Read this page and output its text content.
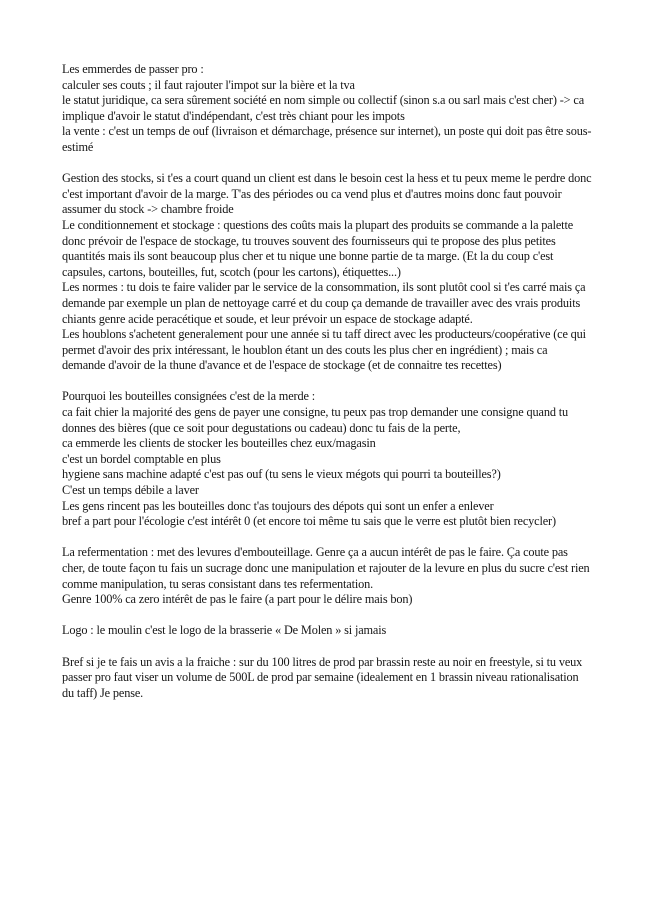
Les emmerdes de passer pro :
calculer ses couts ; il faut rajouter l'impot sur la bière et la tva
le statut juridique, ca sera sûrement société en nom simple ou collectif (sinon s.a ou sarl mais c'est cher) -> ca implique d'avoir le statut d'indépendant, c'est très chiant pour les impots
la vente : c'est un temps de ouf (livraison et démarchage, présence sur internet), un poste qui doit pas être sous-estimé
Gestion des stocks, si t'es a court quand un client est dans le besoin cest la hess et tu peux meme le perdre donc c'est important d'avoir de la marge. T'as des périodes ou ca vend plus et d'autres moins donc faut pouvoir assumer du stock -> chambre froide
Le conditionnement et stockage : questions des coûts mais la plupart des produits se commande a la palette donc prévoir de l'espace de stockage, tu trouves souvent des fournisseurs qui te propose des plus petites quantités mais ils sont beaucoup plus cher et tu nique une bonne partie de ta marge. (Et la du coup c'est capsules, cartons, bouteilles, fut, scotch (pour les cartons), étiquettes...)
Les normes : tu dois te faire valider par le service de la consommation, ils sont plutôt cool si t'es carré mais ça demande par exemple un plan de nettoyage carré et du coup ça demande de travailler avec des vrais produits chiants genre acide peracétique et soude, et leur prévoir un espace de stockage adapté.
Les houblons s'achetent generalement pour une année si tu taff direct avec les producteurs/coopérative (ce qui permet d'avoir des prix intéressant, le houblon étant un des couts les plus cher en ingrédient) ; mais ca demande d'avoir de la thune d'avance et de l'espace de stockage (et de connaitre tes recettes)
Pourquoi les bouteilles consignées c'est de la merde :
ca fait chier la majorité des gens de payer une consigne, tu peux pas trop demander une consigne quand tu donnes des bières (que ce soit pour degustations ou cadeau) donc tu fais de la perte,
ca emmerde les clients de stocker les bouteilles chez eux/magasin
c'est un bordel comptable en plus
hygiene sans machine adapté c'est pas ouf (tu sens le vieux mégots qui pourri ta bouteilles?)
C'est un temps débile a laver
Les gens rincent pas les bouteilles donc t'as toujours des dépots qui sont un enfer a enlever
bref a part pour l'écologie c'est intérêt 0 (et encore toi même tu sais que le verre est plutôt bien recycler)
La refermentation : met des levures d'embouteillage. Genre ça a aucun intérêt de pas le faire. Ça coute pas cher, de toute façon tu fais un sucrage donc une manipulation et rajouter de la levure en plus du sucre c'est rien comme manipulation, tu seras consistant dans tes refermentation.
Genre 100% ca zero intérêt de pas le faire (a part pour le délire mais bon)
Logo : le moulin c'est le logo de la brasserie « De Molen » si jamais
Bref si je te fais un avis a la fraiche : sur du 100 litres de prod par brassin reste au noir en freestyle, si tu veux passer pro faut viser un volume de 500L de prod par semaine (idealement en 1 brassin niveau rationalisation du taff) Je pense.
